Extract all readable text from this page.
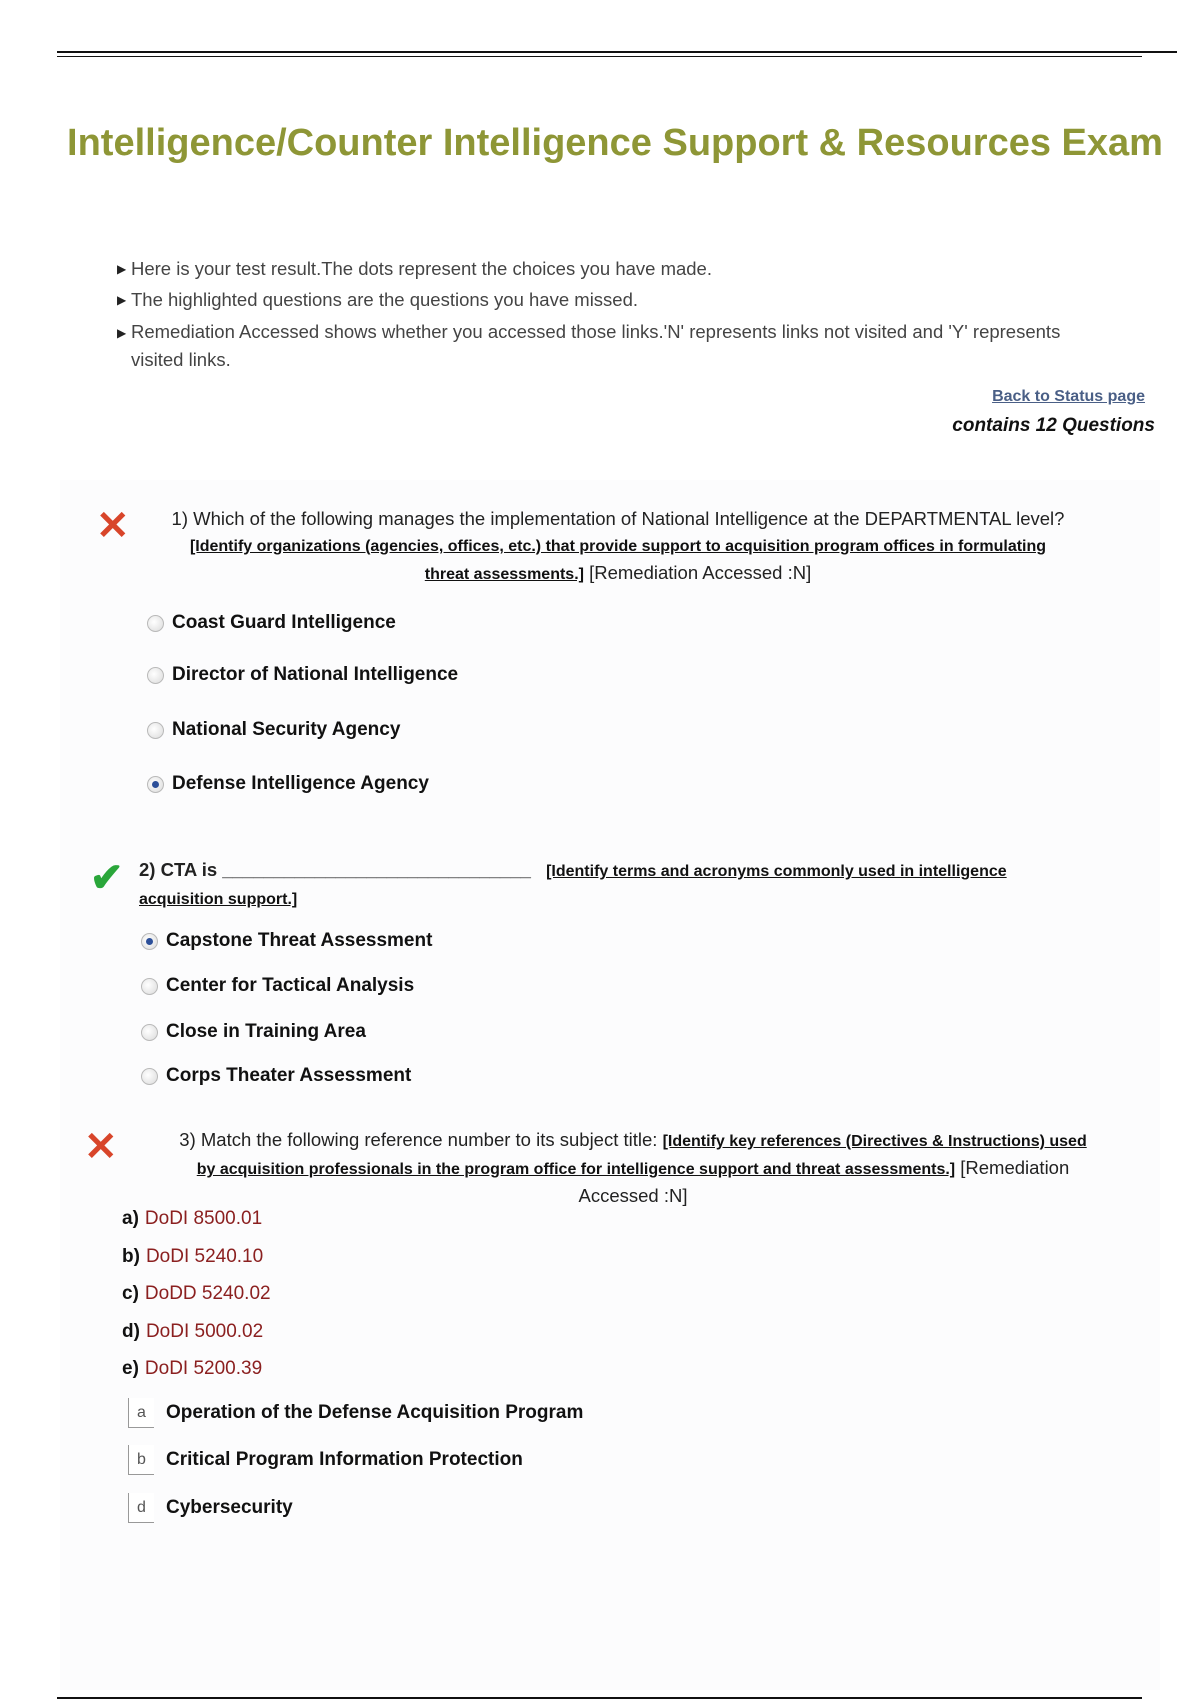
Intelligence/Counter Intelligence Support & Resources Exam
▶ Here is your test result.The dots represent the choices you have made.
▶ The highlighted questions are the questions you have missed.
▶ Remediation Accessed shows whether you accessed those links.'N' represents links not visited and 'Y' represents visited links.
Back to Status page
contains 12 Questions
✕ 1) Which of the following manages the implementation of National Intelligence at the DEPARTMENTAL level? [Identify organizations (agencies, offices, etc.) that provide support to acquisition program offices in formulating threat assessments.] [Remediation Accessed :N]
Coast Guard Intelligence
Director of National Intelligence
National Security Agency
Defense Intelligence Agency
✔ 2) CTA is ______________________________ [Identify terms and acronyms commonly used in intelligence acquisition support.]
Capstone Threat Assessment
Center for Tactical Analysis
Close in Training Area
Corps Theater Assessment
✕	3) Match the following reference number to its subject title: [Identify key references (Directives & Instructions) used by acquisition professionals in the program office for intelligence support and threat assessments.] [Remediation Accessed :N]
a) DoDI 8500.01
b) DoDI 5240.10
c) DoDD 5240.02
d) DoDI 5000.02
e) DoDI 5200.39
a	Operation of the Defense Acquisition Program
b	Critical Program Information Protection
d	Cybersecurity
